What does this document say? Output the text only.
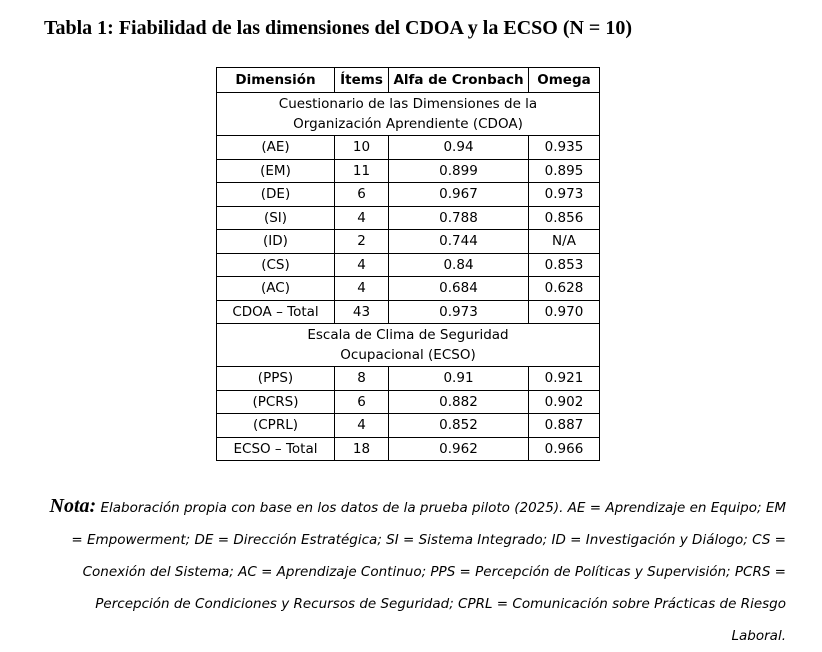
Tabla 1: Fiabilidad de las dimensiones del CDOA y la ECSO (N = 10)
Dimensión	Ítems	Alfa de Cronbach	Omega
Cuestionario de las Dimensiones de la
Organización Aprendiente (CDOA)			
(AE)	10	0.94	0.935
(EM)	11	0.899	0.895
(DE)	6	0.967	0.973
(SI)	4	0.788	0.856
(ID)	2	0.744	N/A
(CS)	4	0.84	0.853
(AC)	4	0.684	0.628
CDOA – Total	43	0.973	0.970
Escala de Clima de Seguridad
Ocupacional (ECSO)			
(PPS)	8	0.91	0.921
(PCRS)	6	0.882	0.902
(CPRL)	4	0.852	0.887
ECSO – Total	18	0.962	0.966
Nota: Elaboración propia con base en los datos de la prueba piloto (2025). AE = Aprendizaje en Equipo; EM = Empowerment; DE = Dirección Estratégica; SI = Sistema Integrado; ID = Investigación y Diálogo; CS = Conexión del Sistema; AC = Aprendizaje Continuo; PPS = Percepción de Políticas y Supervisión; PCRS = Percepción de Condiciones y Recursos de Seguridad; CPRL = Comunicación sobre Prácticas de Riesgo Laboral.
